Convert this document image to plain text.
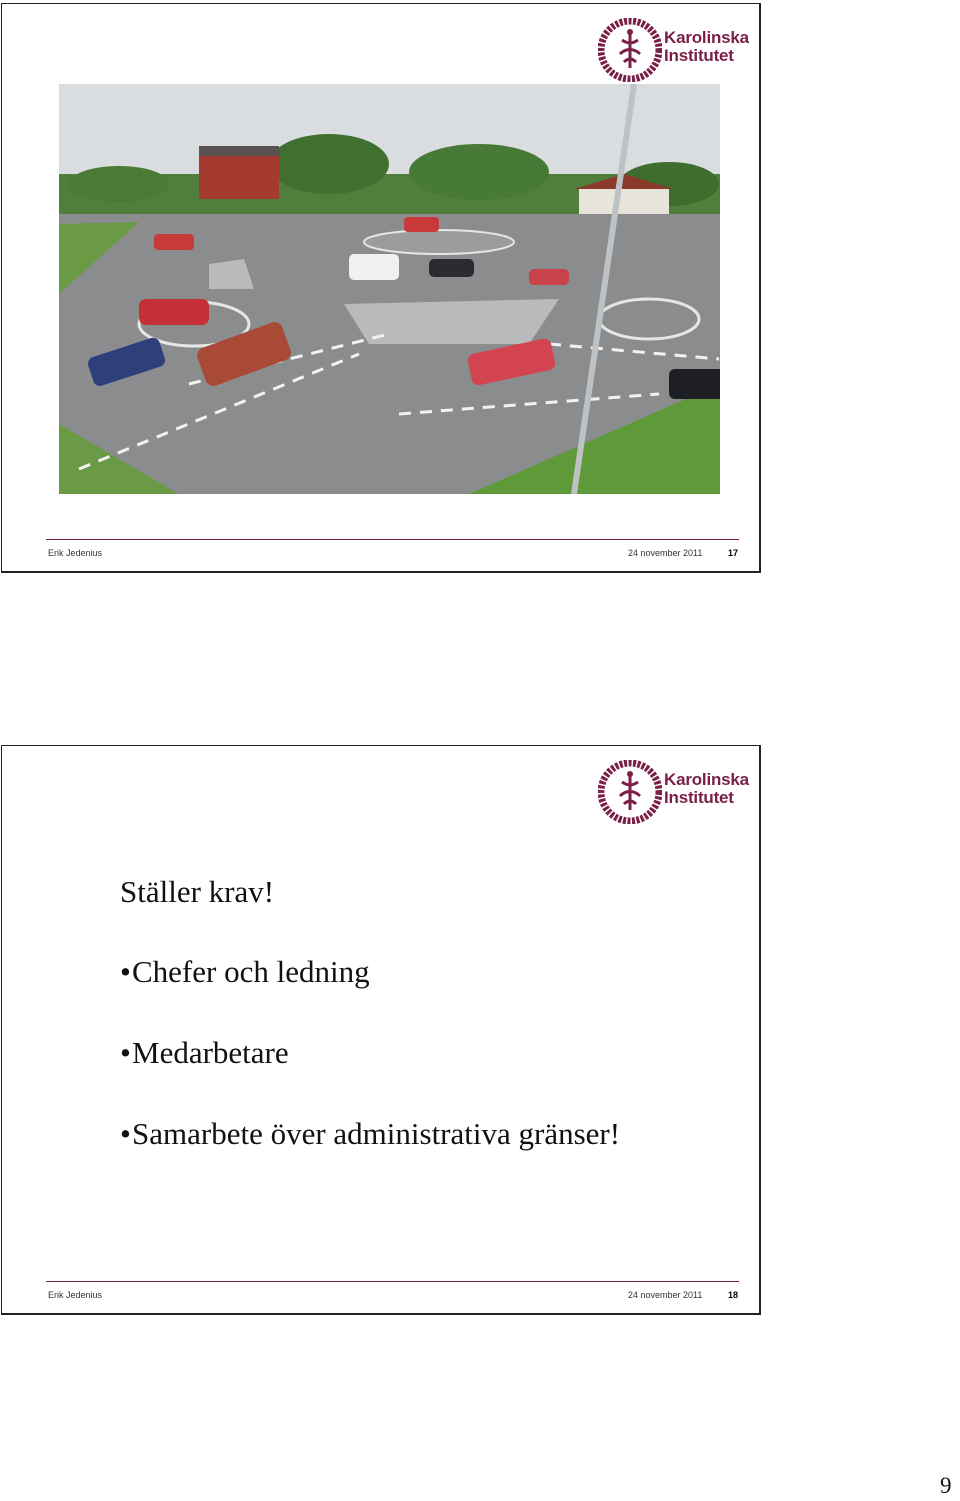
Karolinska
Institutet
Erik Jedenius	24 november 2011	17
Karolinska
Institutet
Ställer krav!
•Chefer och ledning
•Medarbetare
•Samarbete över administrativa gränser!
Erik Jedenius	24 november 2011	18
9
